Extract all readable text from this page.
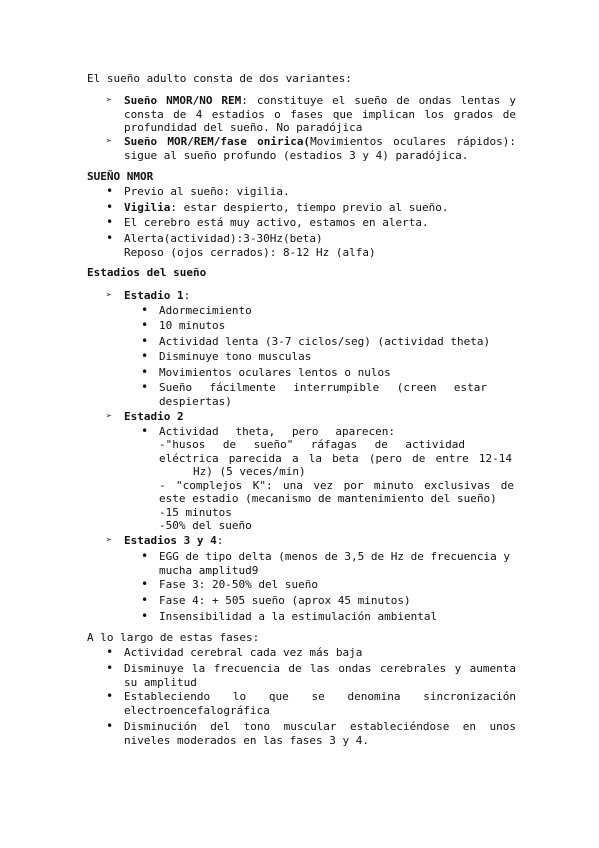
El sueño adulto consta de dos variantes:

➢ Sueño NMOR/NO REM: constituye el sueño de ondas lentas y consta de 4 estadios o fases que implican los grados de profundidad del sueño. No paradójica

➢ Sueño MOR/REM/fase onirica(Movimientos oculares rápidos): sigue al sueño profundo (estadios 3 y 4) paradójica.

SUEÑO NMOR

• Previo al sueño: vigilia.

• Vigilia: estar despierto, tiempo previo al sueño.

• El cerebro está muy activo, estamos en alerta.

• Alerta(actividad):3-30Hz(beta)

Reposo (ojos cerrados): 8-12 Hz (alfa)

Estadios del sueño

➢ Estadio 1:

• Adormecimiento

• 10 minutos

• Actividad lenta (3-7 ciclos/seg) (actividad theta)

• Disminuye tono musculas

• Movimientos oculares lentos o nulos

• Sueño fácilmente interrumpible (creen estar despiertas)

➢ Estadio 2

• Actividad theta, pero aparecen:

-"husos de sueño" ráfagas de actividad

eléctrica parecida a la beta (pero de entre 12-14

Hz) (5 veces/min)

- "complejos K": una vez por minuto exclusivas de

este estadio (mecanismo de mantenimiento del sueño)

-15 minutos

-50% del sueño

➢ Estadios 3 y 4:

• EGG de tipo delta (menos de 3,5 de Hz de frecuencia y mucha amplitud9

• Fase 3: 20-50% del sueño

• Fase 4: + 505 sueño (aprox 45 minutos)

• Insensibilidad a la estimulación ambiental

A lo largo de estas fases:

• Actividad cerebral cada vez más baja

• Disminuye la frecuencia de las ondas cerebrales y aumenta su amplitud

• Estableciendo lo que se denomina sincronización electroencefalográfica

• Disminución del tono muscular estableciéndose en unos niveles moderados en las fases 3 y 4.
